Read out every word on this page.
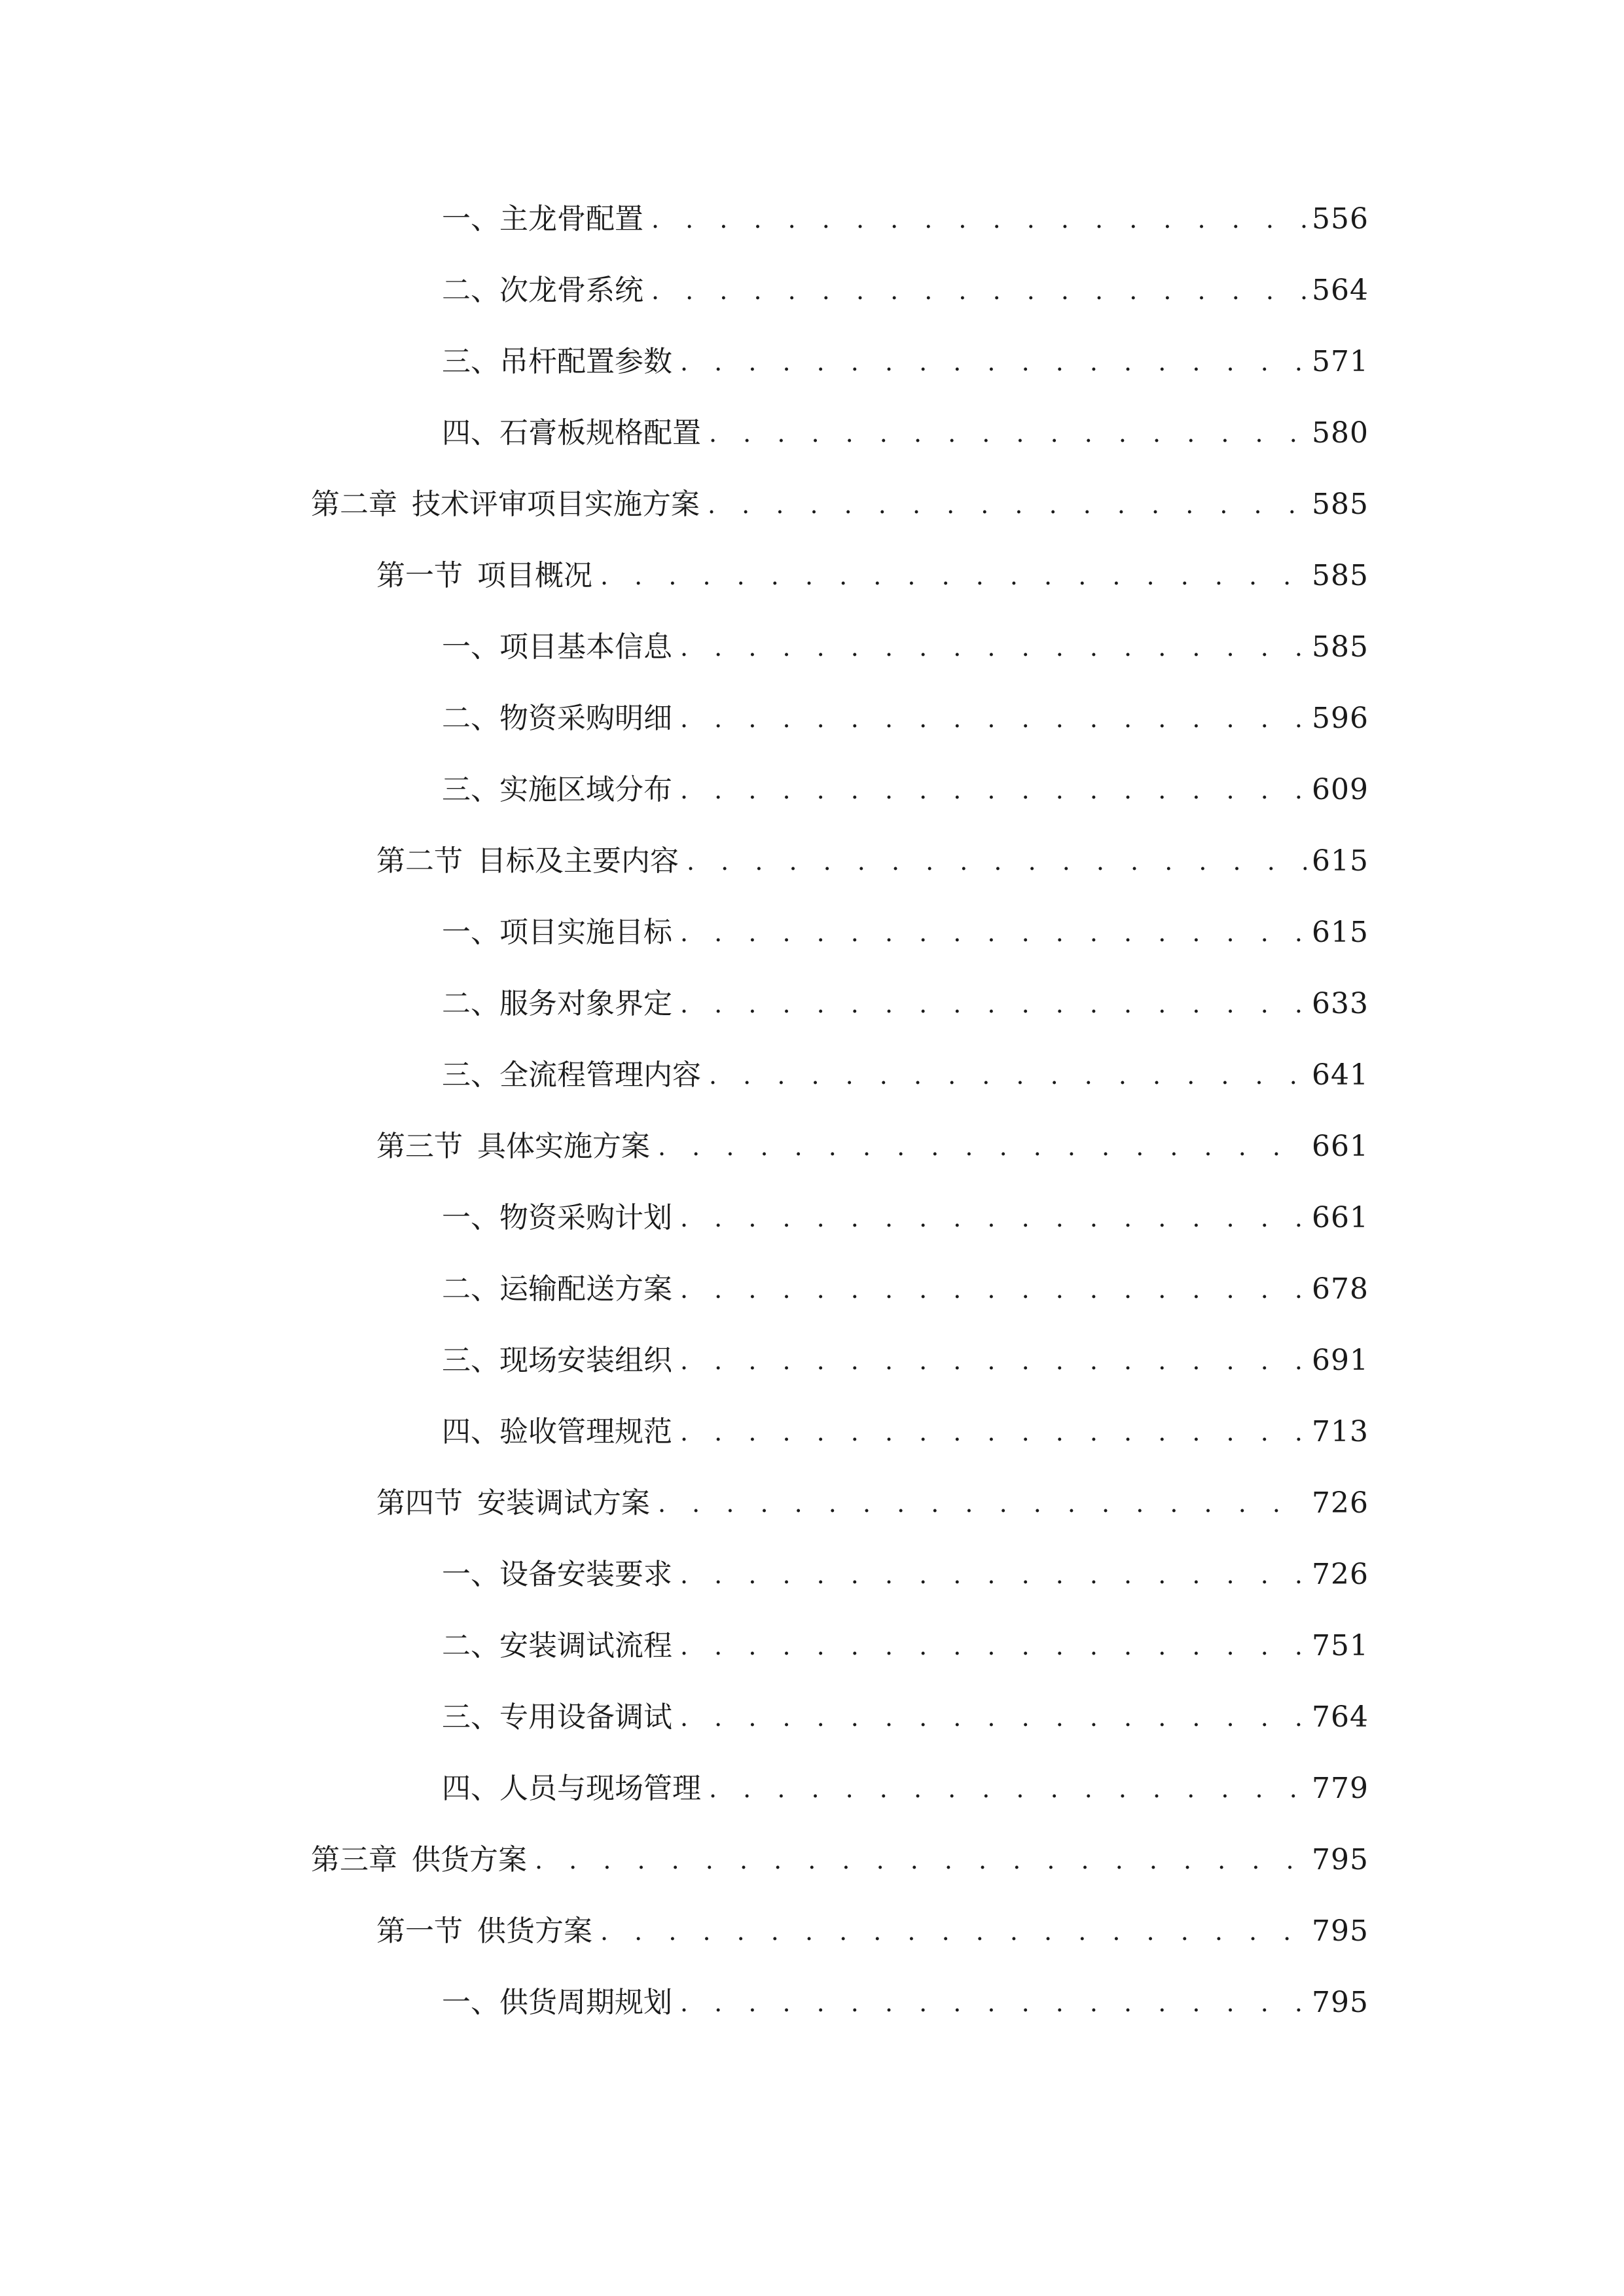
一、 主龙骨配置 . . .	556
二、 次龙骨系统 . . .	564
三、 吊杆配置参数 . . .	571
四、 石膏板规格配置 . . .	580
第二章 技术评审项目实施方案 . . .	585
第一节 项目概况 . . .	585
一、 项目基本信息 . . .	585
二、 物资采购明细 . . .	596
三、 实施区域分布 . . .	609
第二节 目标及主要内容 . . .	615
一、 项目实施目标 . . .	615
二、 服务对象界定 . . .	633
三、 全流程管理内容 . . .	641
第三节 具体实施方案 . . .	661
一、 物资采购计划 . . .	661
二、 运输配送方案 . . .	678
三、 现场安装组织 . . .	691
四、 验收管理规范 . . .	713
第四节 安装调试方案 . . .	726
一、 设备安装要求 . . .	726
二、 安装调试流程 . . .	751
三、 专用设备调试 . . .	764
四、 人员与现场管理 . . .	779
第三章 供货方案 . . .	795
第一节 供货方案 . . .	795
一、 供货周期规划 . . .	795
